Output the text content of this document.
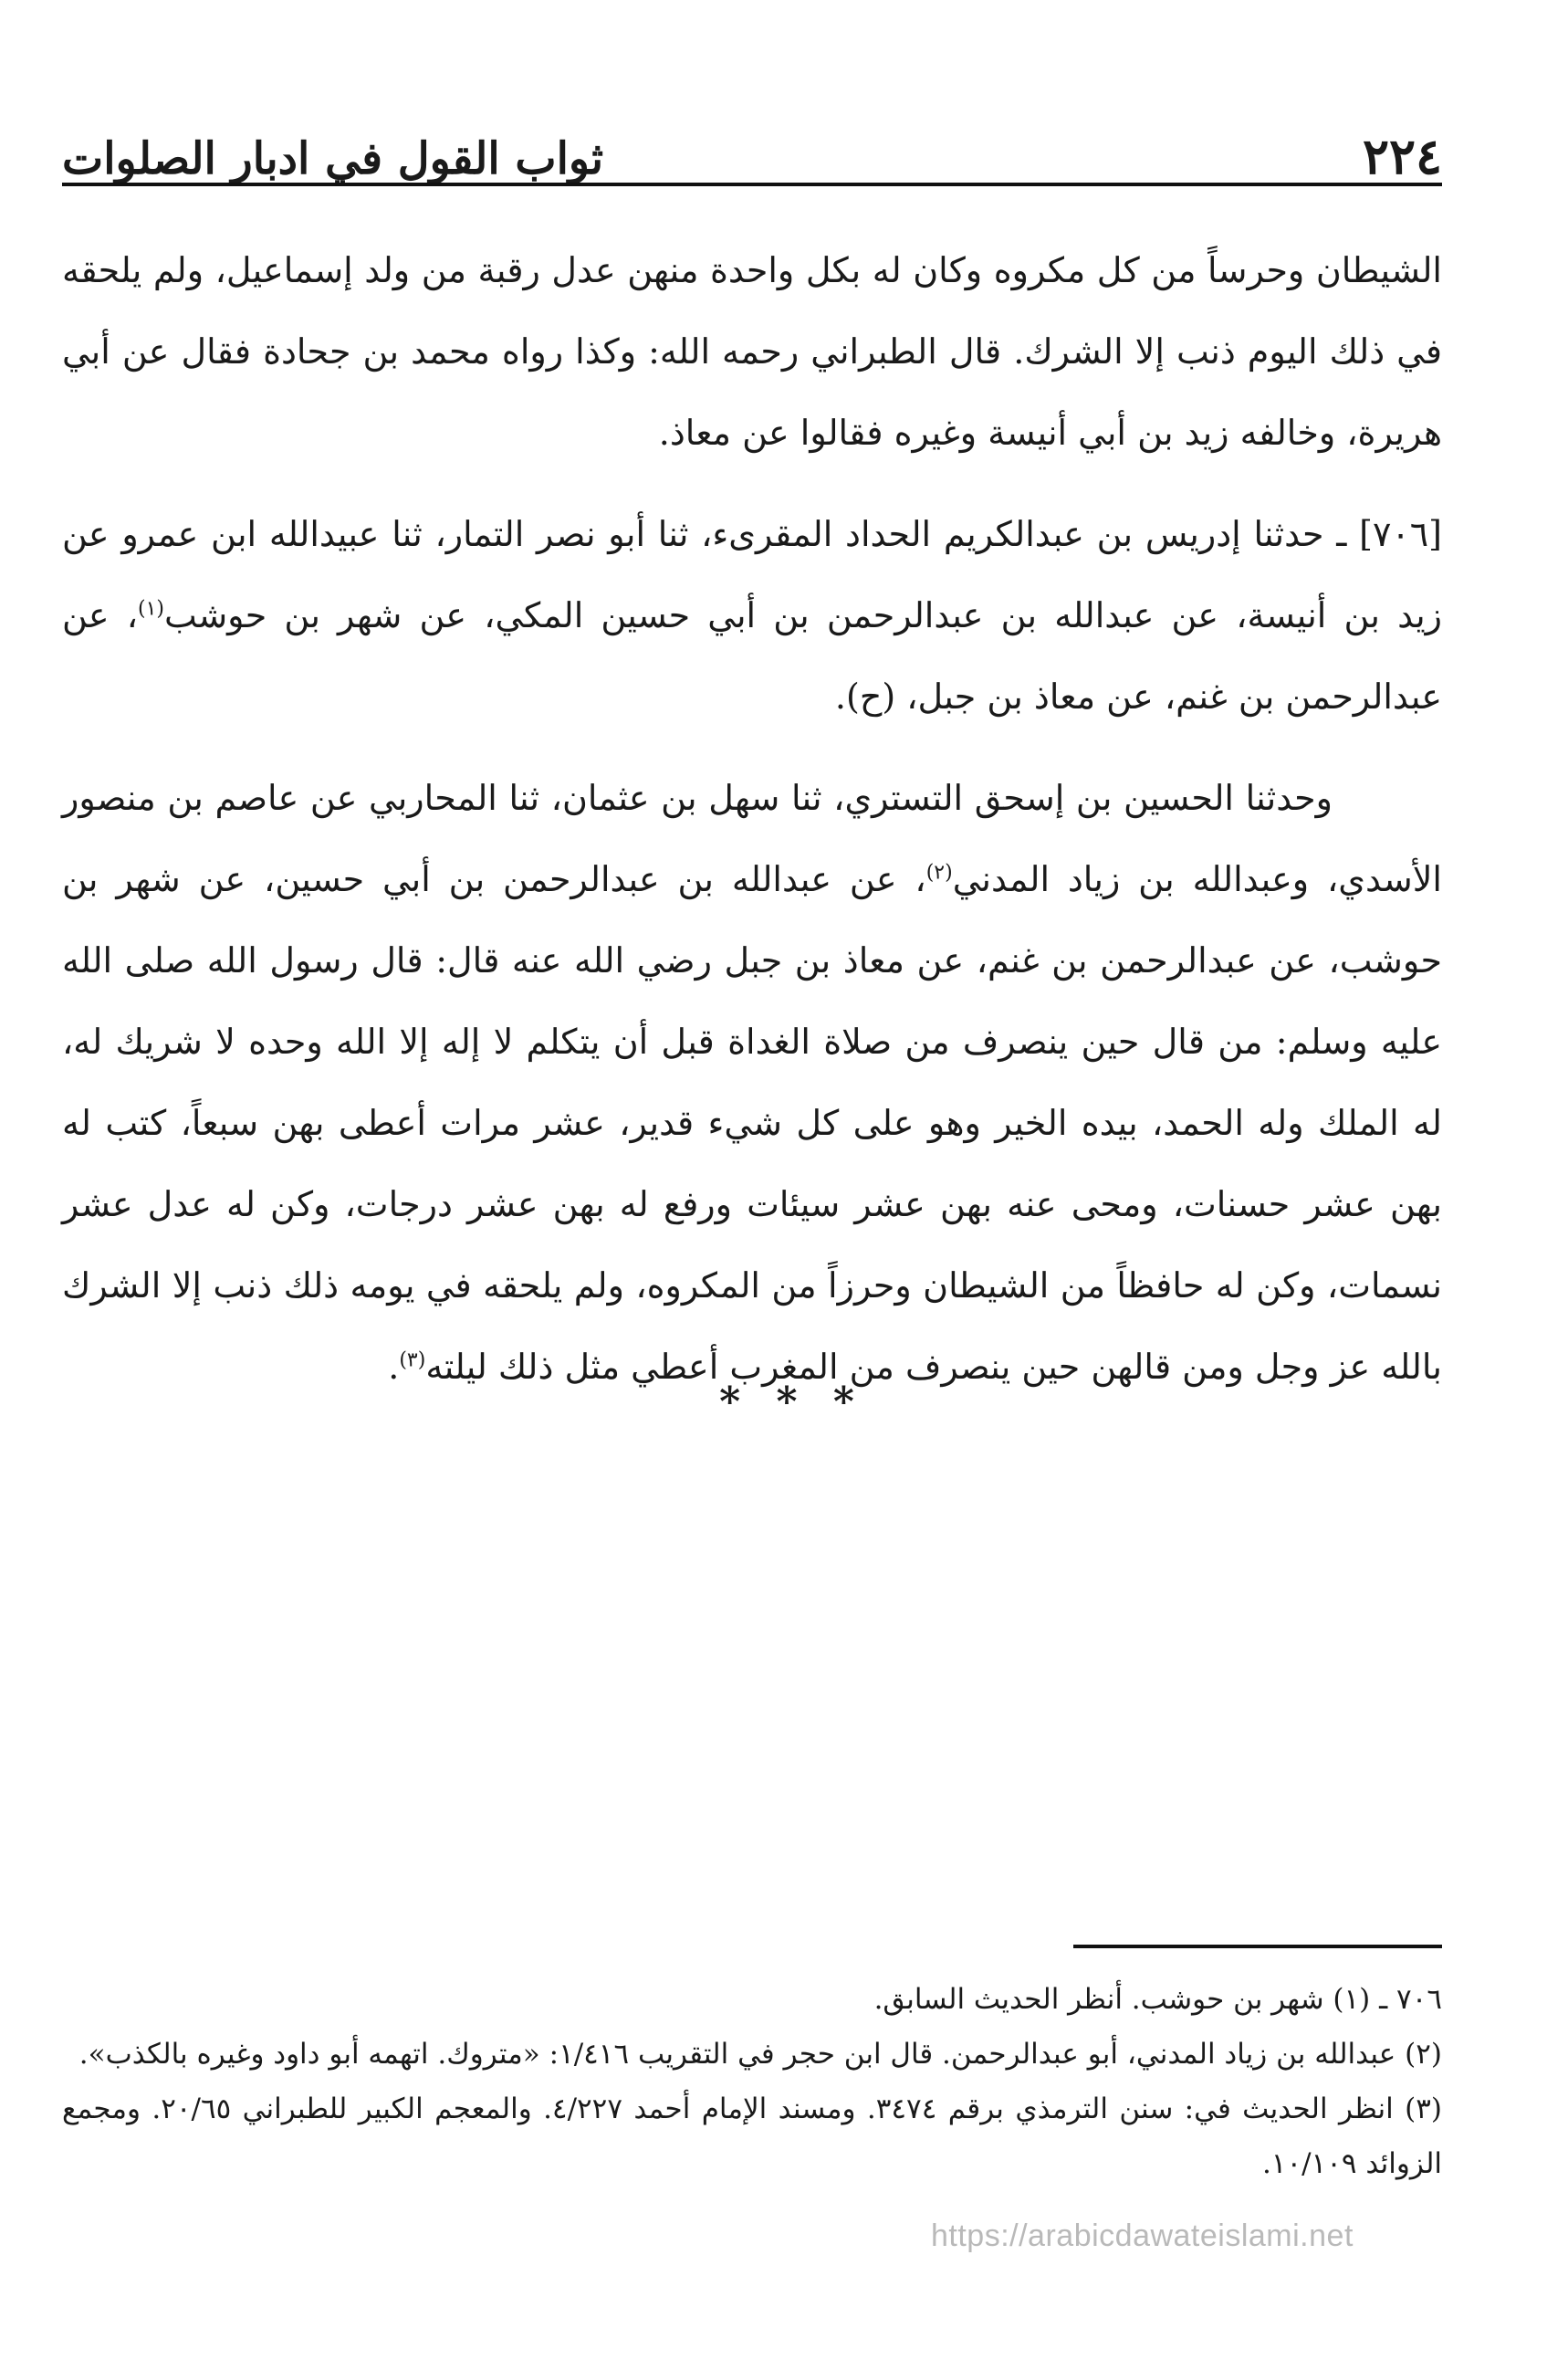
٢٢٤
ثواب القول في ادبار الصلوات

الشيطان وحرساً من كل مكروه وكان له بكل واحدة منهن عدل رقبة من ولد إسماعيل، ولم يلحقه في ذلك اليوم ذنب إلا الشرك. قال الطبراني رحمه الله: وكذا رواه محمد بن جحادة فقال عن أبي هريرة، وخالفه زيد بن أبي أنيسة وغيره فقالوا عن معاذ.

[٧٠٦] ـ حدثنا إدريس بن عبدالكريم الحداد المقرىء، ثنا أبو نصر التمار، ثنا عبيدالله ابن عمرو عن زيد بن أنيسة، عن عبدالله بن عبدالرحمن بن أبي حسين المكي، عن شهر بن حوشب$^{(١)}$، عن عبدالرحمن بن غنم، عن معاذ بن جبل، (ح).

وحدثنا الحسين بن إسحق التستري، ثنا سهل بن عثمان، ثنا المحاربي عن عاصم بن منصور الأسدي، وعبدالله بن زياد المدني$^{(٢)}$، عن عبدالله بن عبدالرحمن بن أبي حسين، عن شهر بن حوشب، عن عبدالرحمن بن غنم، عن معاذ بن جبل رضي الله عنه قال: قال رسول الله صلى الله عليه وسلم: من قال حين ينصرف من صلاة الغداة قبل أن يتكلم لا إله إلا الله وحده لا شريك له، له الملك وله الحمد، بيده الخير وهو على كل شيء قدير، عشر مرات أعطى بهن سبعاً، كتب له بهن عشر حسنات، ومحى عنه بهن عشر سيئات ورفع له بهن عشر درجات، وكن له عدل عشر نسمات، وكن له حافظاً من الشيطان وحرزاً من المكروه، ولم يلحقه في يومه ذلك ذنب إلا الشرك بالله عز وجل ومن قالهن حين ينصرف من المغرب أعطي مثل ذلك ليلته$^{(٣)}$.

* * *

٧٠٦ ـ (١) شهر بن حوشب. أنظر الحديث السابق.

(٢) عبدالله بن زياد المدني، أبو عبدالرحمن. قال ابن حجر في التقريب ١/٤١٦: «متروك. اتهمه أبو داود وغيره بالكذب».

(٣) انظر الحديث في: سنن الترمذي برقم ٣٤٧٤. ومسند الإمام أحمد ٤/٢٢٧. والمعجم الكبير للطبراني ٢٠/٦٥. ومجمع الزوائد ١٠/١٠٩.

https://arabicdawateislami.net
